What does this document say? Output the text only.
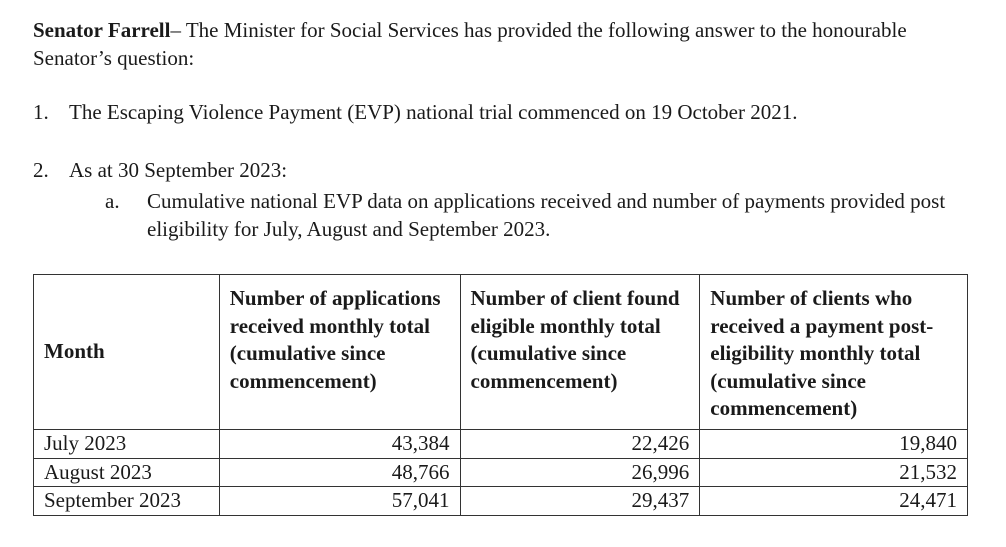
Senator Farrell– The Minister for Social Services has provided the following answer to the honourable Senator’s question:
1. The Escaping Violence Payment (EVP) national trial commenced on 19 October 2021.
2. As at 30 September 2023:
a. Cumulative national EVP data on applications received and number of payments provided post eligibility for July, August and September 2023.
Month	Number of applications received monthly total (cumulative since commencement)	Number of client found eligible monthly total (cumulative since commencement)	Number of clients who received a payment post-eligibility monthly total (cumulative since commencement)
July 2023	43,384	22,426	19,840
August 2023	48,766	26,996	21,532
September 2023	57,041	29,437	24,471
